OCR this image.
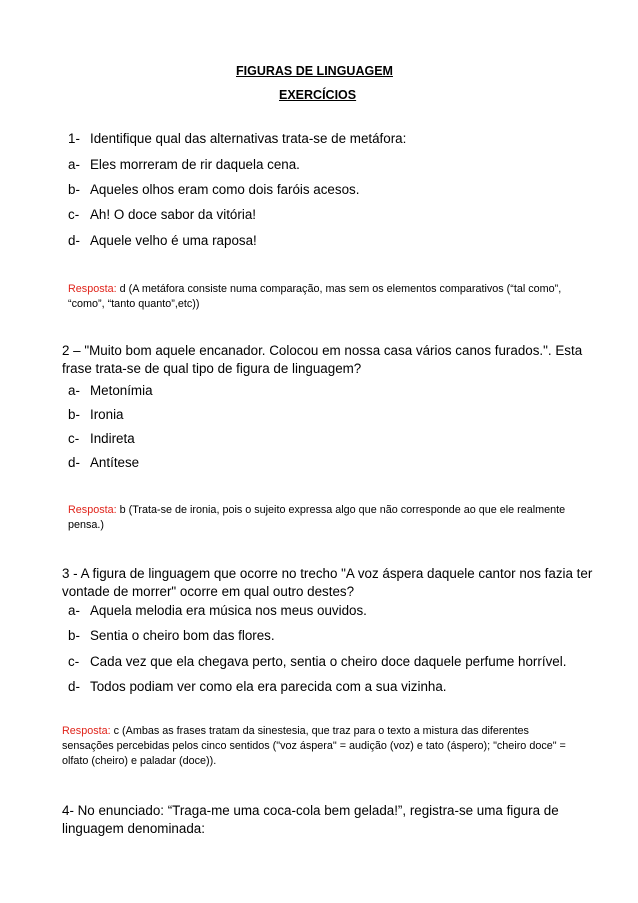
FIGURAS DE LINGUAGEM
EXERCÍCIOS
1- Identifique qual das alternativas trata-se de metáfora:
a- Eles morreram de rir daquela cena.
b- Aqueles olhos eram como dois faróis acesos.
c- Ah! O doce sabor da vitória!
d- Aquele velho é uma raposa!
Resposta: d (A metáfora consiste numa comparação, mas sem os elementos comparativos (“tal como”,
“como”, “tanto quanto”,etc))
2 – "Muito bom aquele encanador. Colocou em nossa casa vários canos furados.". Esta
frase trata-se de qual tipo de figura de linguagem?
a- Metonímia
b- Ironia
c- Indireta
d- Antítese
Resposta: b (Trata-se de ironia, pois o sujeito expressa algo que não corresponde ao que ele realmente
pensa.)
3 - A figura de linguagem que ocorre no trecho "A voz áspera daquele cantor nos fazia ter
vontade de morrer" ocorre em qual outro destes?
a- Aquela melodia era música nos meus ouvidos.
b- Sentia o cheiro bom das flores.
c- Cada vez que ela chegava perto, sentia o cheiro doce daquele perfume horrível.
d- Todos podiam ver como ela era parecida com a sua vizinha.
Resposta: c (Ambas as frases tratam da sinestesia, que traz para o texto a mistura das diferentes
sensações percebidas pelos cinco sentidos ("voz áspera" = audição (voz) e tato (áspero); "cheiro doce" =
olfato (cheiro) e paladar (doce)).
4- No enunciado: “Traga-me uma coca-cola bem gelada!”, registra-se uma figura de
linguagem denominada:
